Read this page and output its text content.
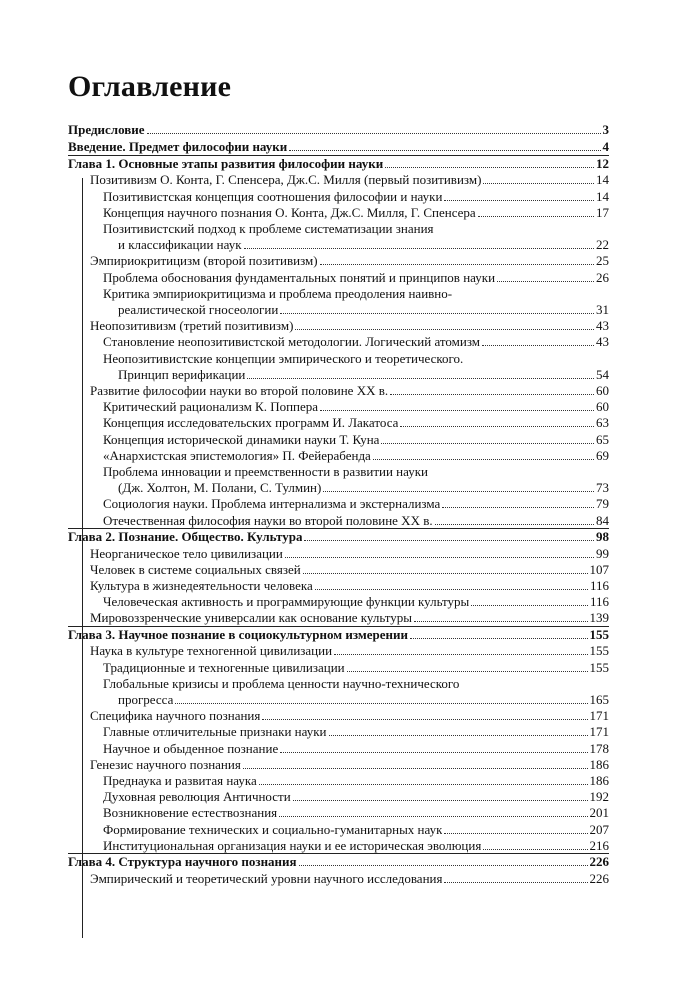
Оглавление
Предисловие	3
Введение. Предмет философии науки	4
Глава 1. Основные этапы развития философии науки	12
Позитивизм О. Конта, Г. Спенсера, Дж.С. Милля (первый позитивизм)	14
Позитивистская концепция соотношения философии и науки	14
Концепция научного познания О. Конта, Дж.С. Милля, Г. Спенсера	17
Позитивистский подход к проблеме систематизации знания
и классификации наук	22
Эмпириокритицизм (второй позитивизм)	25
Проблема обоснования фундаментальных понятий и принципов науки	26
Критика эмпириокритицизма и проблема преодоления наивно-
реалистической гносеологии	31
Неопозитивизм (третий позитивизм)	43
Становление неопозитивистской методологии. Логический атомизм	43
Неопозитивистские концепции эмпирического и теоретического.
Принцип верификации	54
Развитие философии науки во второй половине XX в.	60
Критический рационализм К. Поппера	60
Концепция исследовательских программ И. Лакатоса	63
Концепция исторической динамики науки Т. Куна	65
«Анархистская эпистемология» П. Фейерабенда	69
Проблема инновации и преемственности в развитии науки
(Дж. Холтон, М. Полани, С. Тулмин)	73
Социология науки. Проблема интернализма и экстернализма	79
Отечественная философия науки во второй половине XX в.	84
Глава 2. Познание. Общество. Культура	98
Неорганическое тело цивилизации	99
Человек в системе социальных связей	107
Культура в жизнедеятельности человека	116
Человеческая активность и программирующие функции культуры	116
Мировоззренческие универсалии как основание культуры	139
Глава 3. Научное познание в социокультурном измерении	155
Наука в культуре техногенной цивилизации	155
Традиционные и техногенные цивилизации	155
Глобальные кризисы и проблема ценности научно-технического
прогресса	165
Специфика научного познания	171
Главные отличительные признаки науки	171
Научное и обыденное познание	178
Генезис научного познания	186
Преднаука и развитая наука	186
Духовная революция Античности	192
Возникновение естествознания	201
Формирование технических и социально-гуманитарных наук	207
Институциональная организация науки и ее историческая эволюция	216
Глава 4. Структура научного познания	226
Эмпирический и теоретический уровни научного исследования	226
